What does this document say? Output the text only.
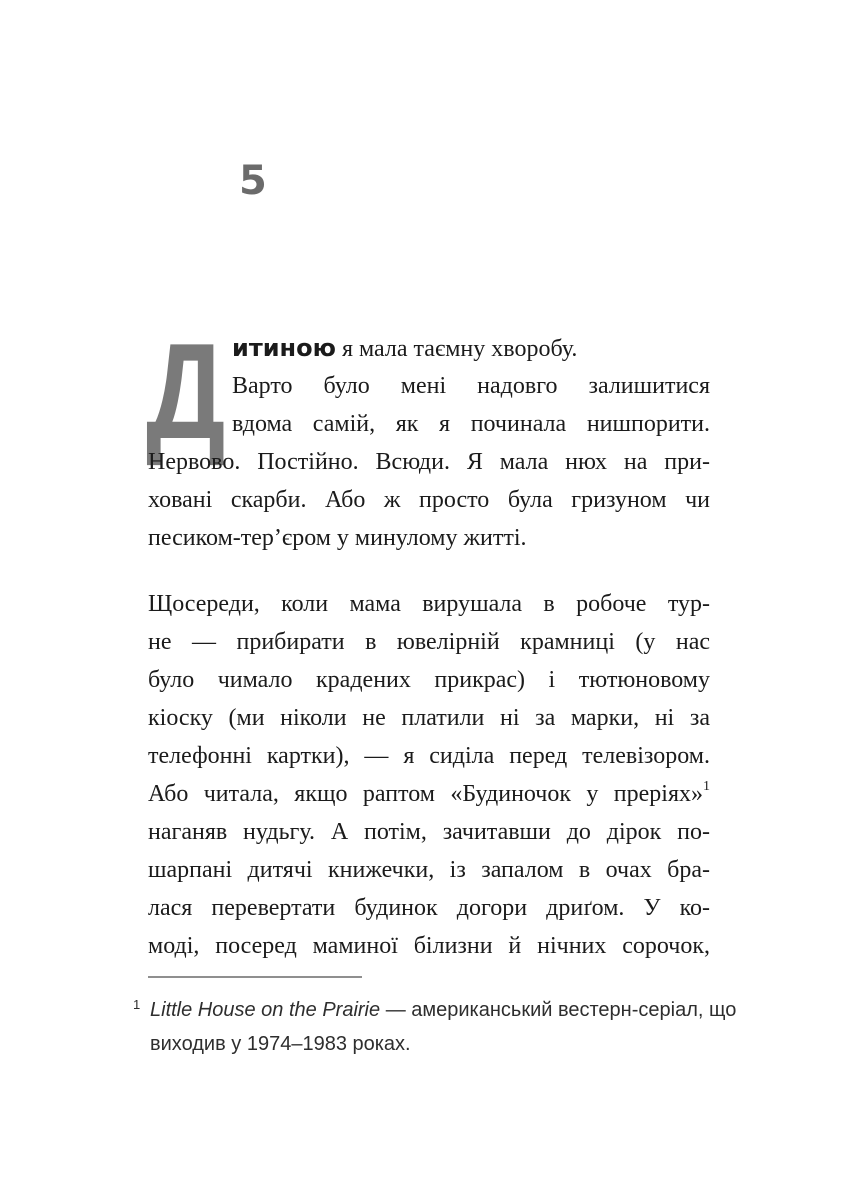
5
Д итиною я мала таємну хворобу.
Варто було мені надовго залишитися
вдома самій, як я починала нишпорити.
Нервово. Постійно. Всюди. Я мала нюх на при-
ховані скарби. Або ж просто була гризуном чи
песиком-тер’єром у минулому житті.
Щосереди, коли мама вирушала в робоче тур-
не — прибирати в ювелірній крамниці (у нас
було чимало крадених прикрас) і тютюновому
кіоску (ми ніколи не платили ні за марки, ні за
телефонні картки), — я сиділа перед телевізором.
Або читала, якщо раптом «Будиночок у преріях»$^1$
наганяв нудьгу. А потім, зачитавши до дірок по-
шарпані дитячі книжечки, із запалом в очах бра-
лася перевертати будинок догори дриґом. У ко-
моді, посеред маминої білизни й нічних сорочок,
1 Little House on the Prairie — американський вестерн-серіал, що
виходив у 1974–1983 роках.
